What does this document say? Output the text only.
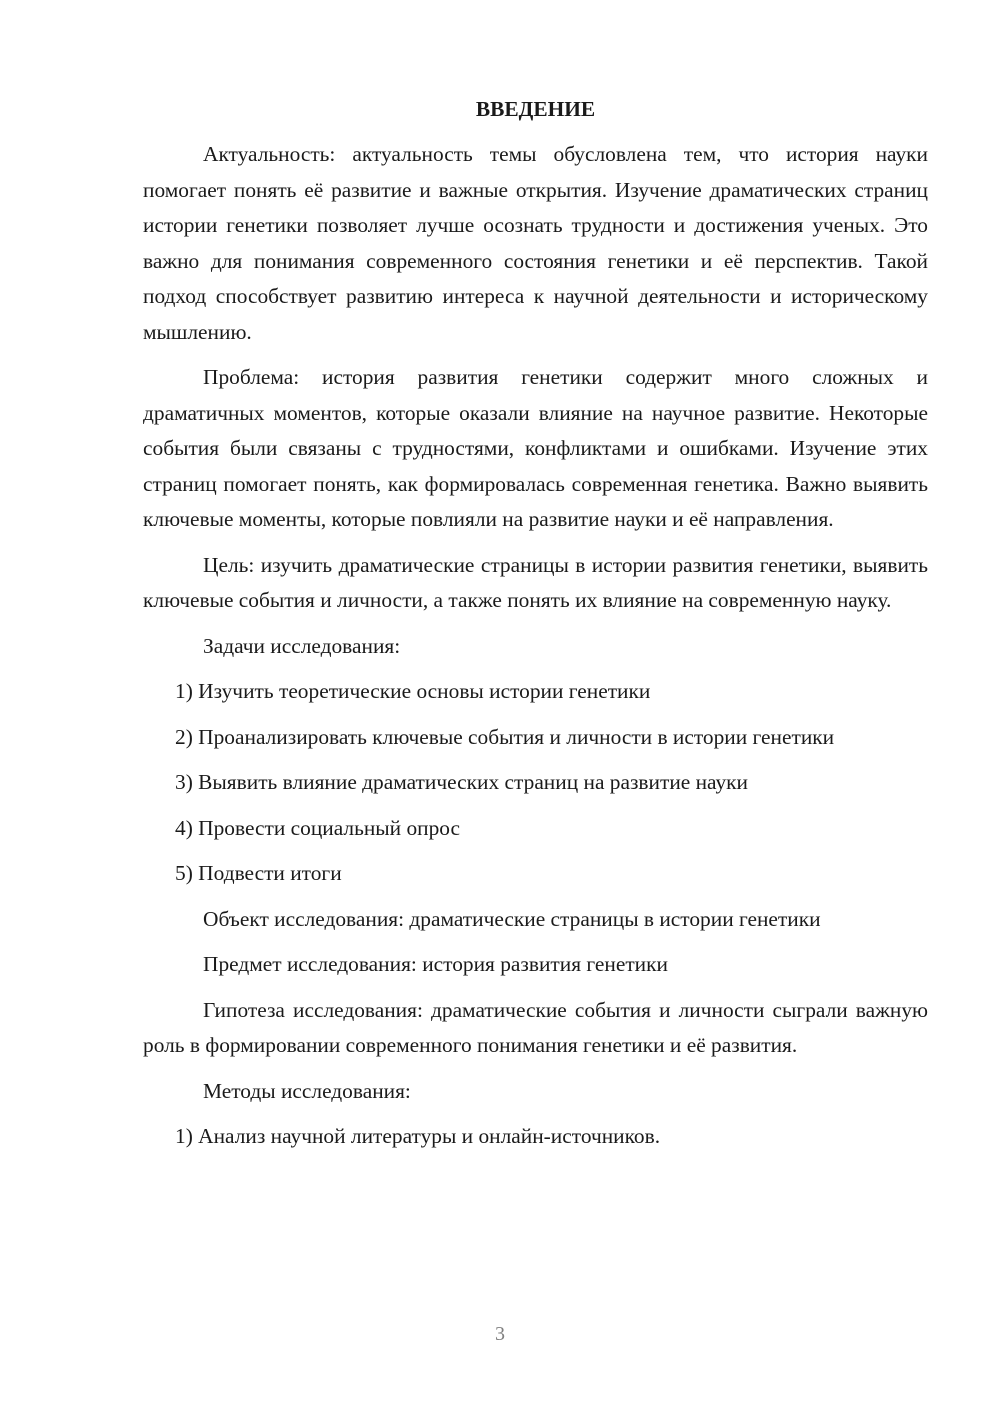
ВВЕДЕНИЕ
Актуальность: актуальность темы обусловлена тем, что история науки помогает понять её развитие и важные открытия. Изучение драматических страниц истории генетики позволяет лучше осознать трудности и достижения ученых. Это важно для понимания современного состояния генетики и её перспектив. Такой подход способствует развитию интереса к научной деятельности и историческому мышлению.
Проблема: история развития генетики содержит много сложных и драматичных моментов, которые оказали влияние на научное развитие. Некоторые события были связаны с трудностями, конфликтами и ошибками. Изучение этих страниц помогает понять, как формировалась современная генетика. Важно выявить ключевые моменты, которые повлияли на развитие науки и её направления.
Цель: изучить драматические страницы в истории развития генетики, выявить ключевые события и личности, а также понять их влияние на современную науку.
Задачи исследования:
1) Изучить теоретические основы истории генетики
2) Проанализировать ключевые события и личности в истории генетики
3) Выявить влияние драматических страниц на развитие науки
4) Провести социальный опрос
5) Подвести итоги
Объект исследования: драматические страницы в истории генетики
Предмет исследования: история развития генетики
Гипотеза исследования: драматические события и личности сыграли важную роль в формировании современного понимания генетики и её развития.
Методы исследования:
1) Анализ научной литературы и онлайн-источников.
3
